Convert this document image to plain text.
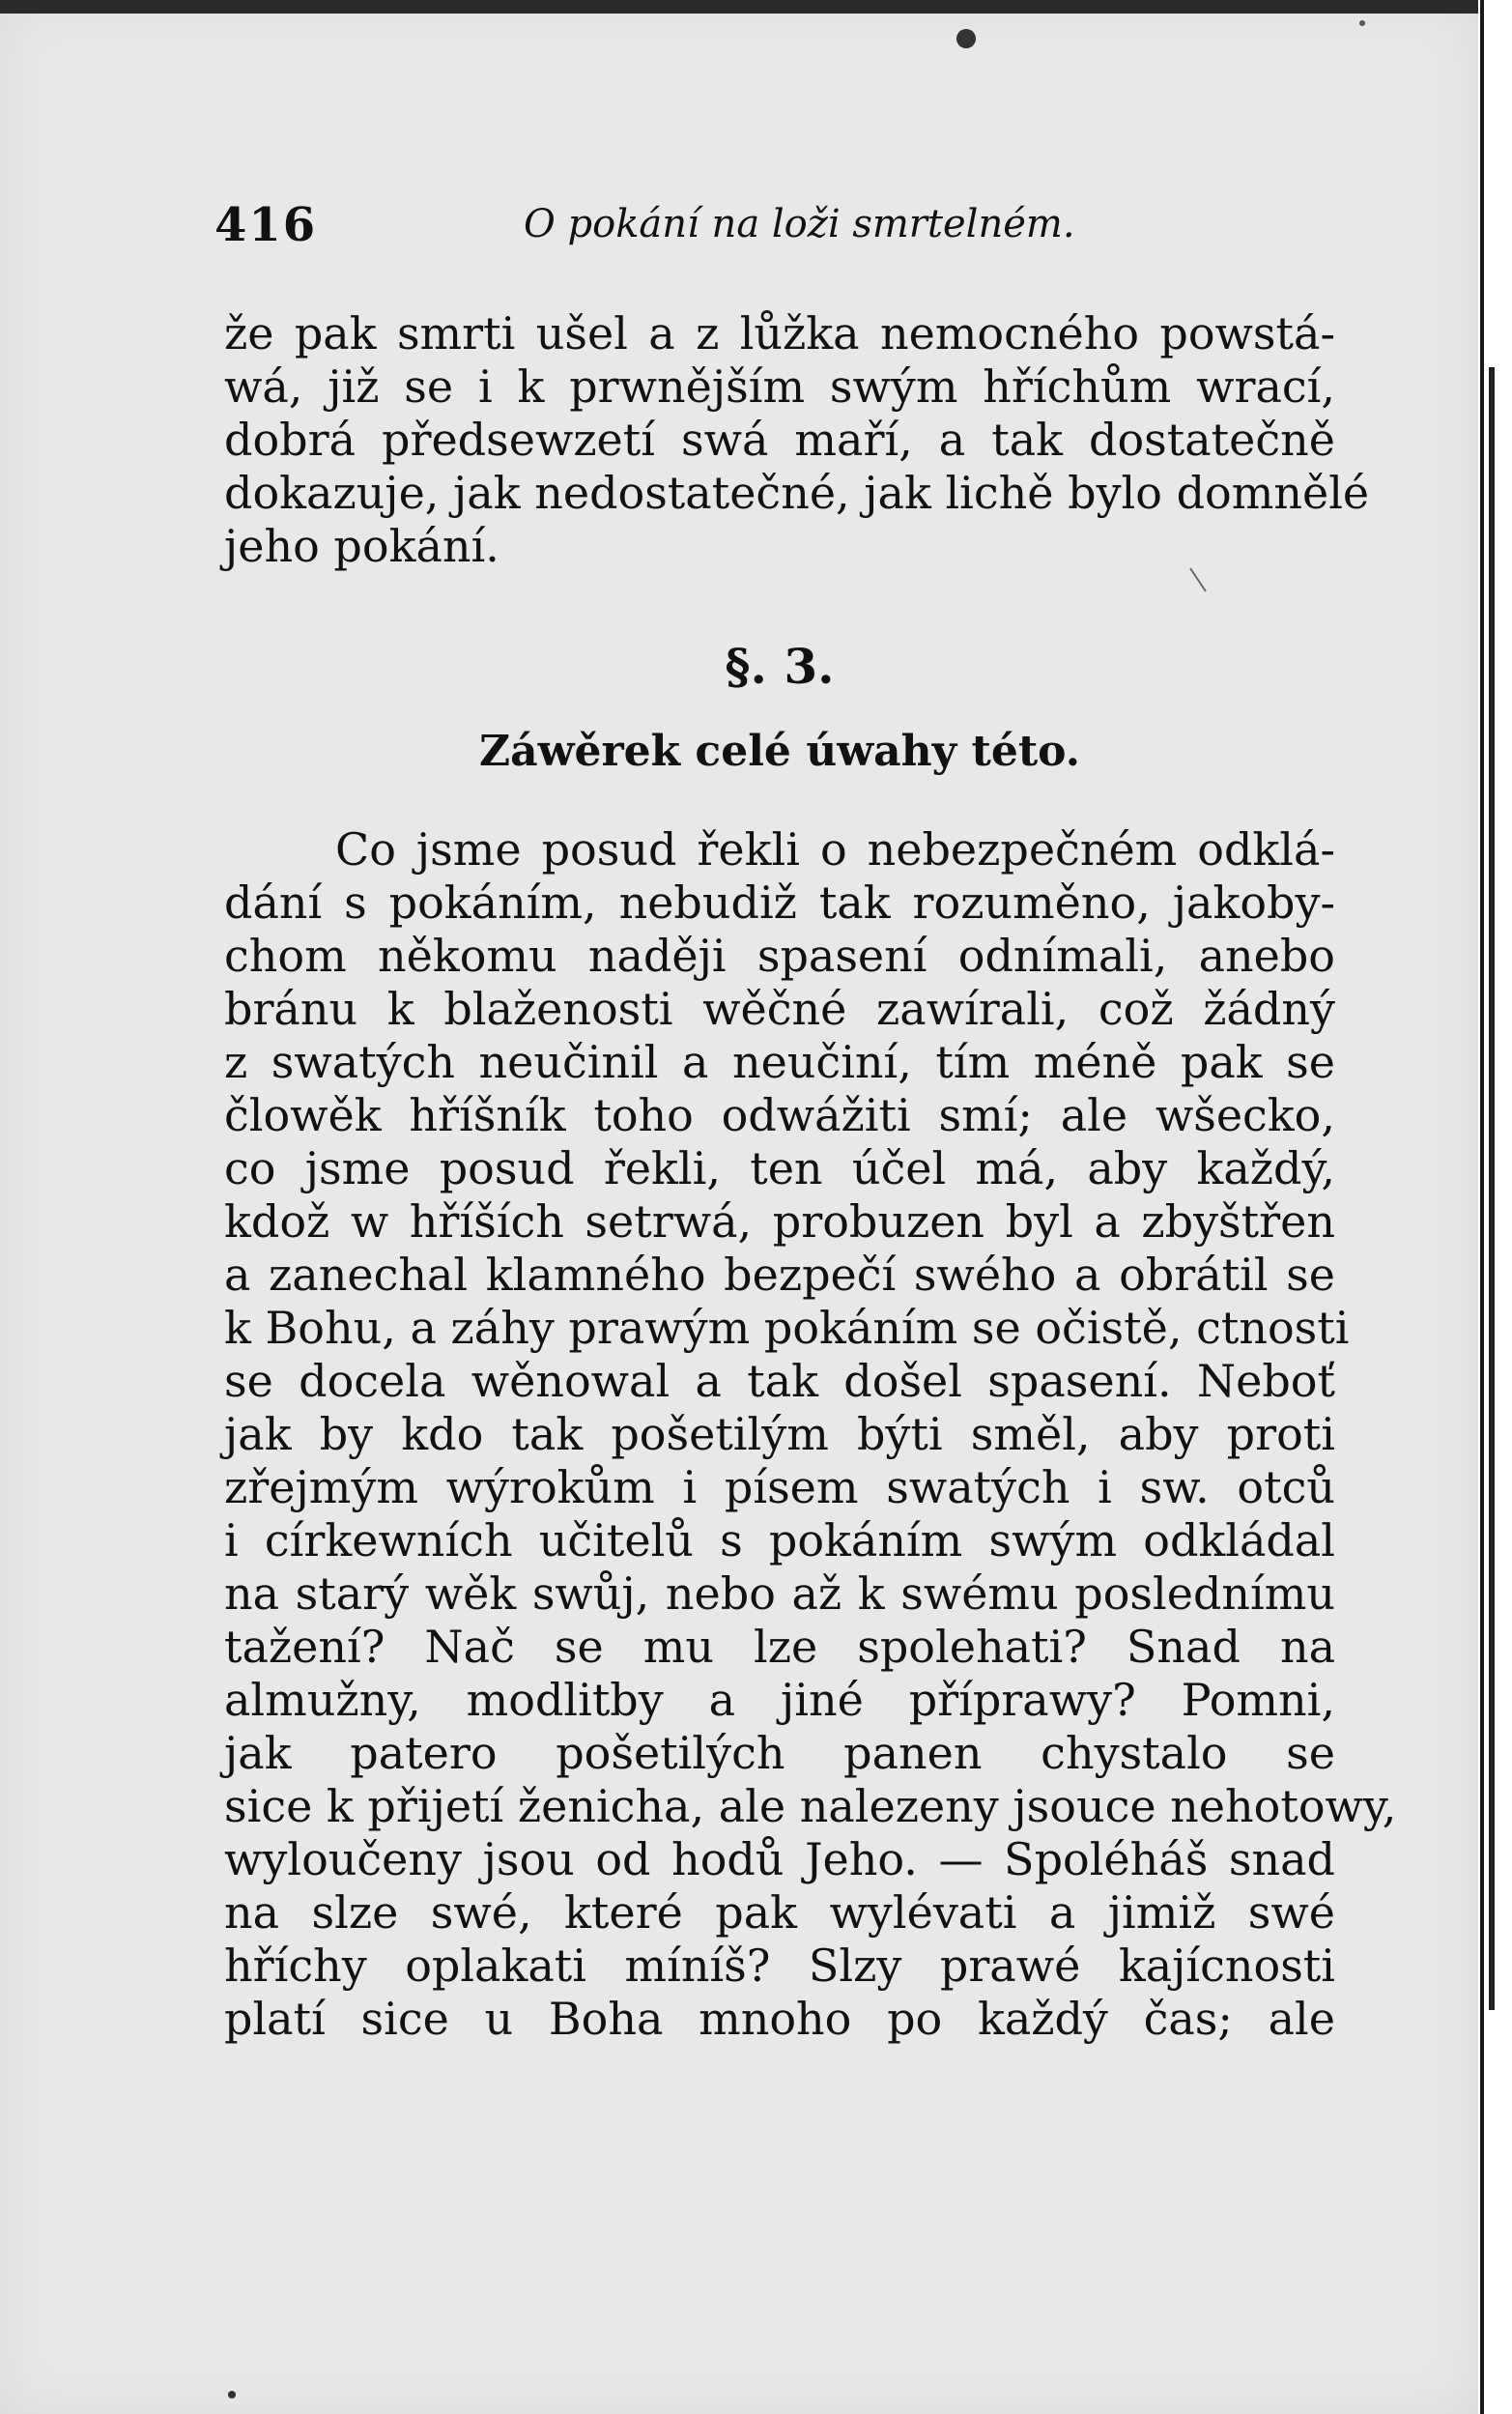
416	O pokání na loži smrtelném.
že pak smrti ušel a z lůžka nemocného powstá-
wá, již se i k prwnějším swým hříchům wrací,
dobrá předsewzetí swá maří, a tak dostatečně
dokazuje, jak nedostatečné, jak lichě bylo domnělé
jeho pokání.
§. 3.
Záwěrek celé úwahy této.
Co jsme posud řekli o nebezpečném odklá-
dání s pokáním, nebudiž tak rozuměno, jakoby-
chom někomu naději spasení odnímali, anebo
bránu k blaženosti wěčné zawírali, což žádný
z swatých neučinil a neučiní, tím méně pak se
člowěk hříšník toho odwážiti smí; ale wšecko,
co jsme posud řekli, ten účel má, aby každý,
kdož w hříších setrwá, probuzen byl a zbyštřen
a zanechal klamného bezpečí swého a obrátil se
k Bohu, a záhy prawým pokáním se očistě, ctnosti
se docela wěnowal a tak došel spasení. Neboť
jak by kdo tak pošetilým býti směl, aby proti
zřejmým wýrokům i písem swatých i sw. otců
i církewních učitelů s pokáním swým odkládal
na starý wěk swůj, nebo až k swému poslednímu
tažení? Nač se mu lze spolehati? Snad na
almužny, modlitby a jiné příprawy? Pomni,
jak patero pošetilých panen chystalo se
sice k přijetí ženicha, ale nalezeny jsouce nehotowy,
wyloučeny jsou od hodů Jeho. — Spoléháš snad
na slze swé, které pak wylévati a jimiž swé
hříchy oplakati míníš? Slzy prawé kajícnosti
platí sice u Boha mnoho po každý čas; ale
